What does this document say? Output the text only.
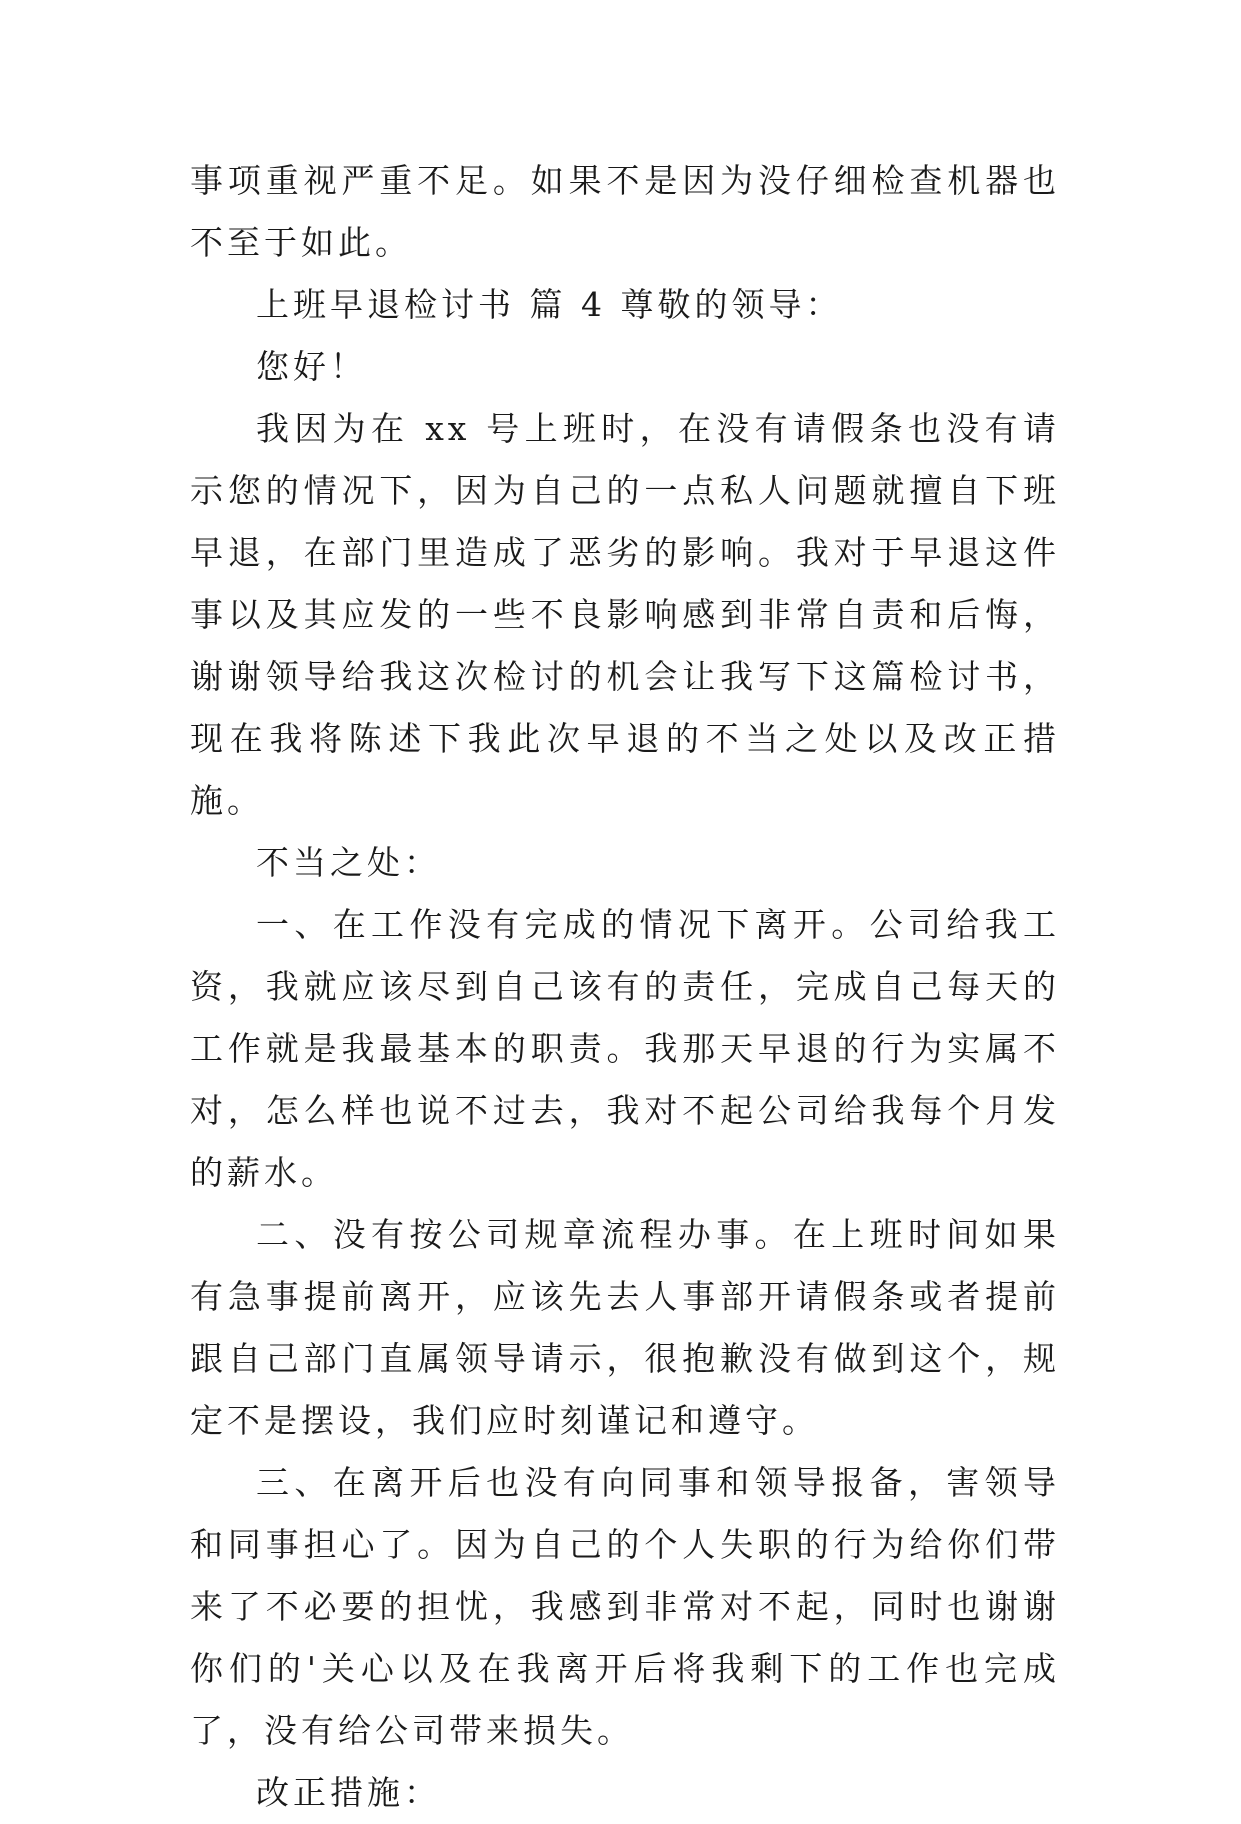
事项重视严重不足。如果不是因为没仔细检查机器也不至于如此。

上班早退检讨书 篇 4 尊敬的领导：

您好！

我因为在 xx 号上班时，在没有请假条也没有请示您的情况下，因为自己的一点私人问题就擅自下班早退，在部门里造成了恶劣的影响。我对于早退这件事以及其应发的一些不良影响感到非常自责和后悔，谢谢领导给我这次检讨的机会让我写下这篇检讨书，现在我将陈述下我此次早退的不当之处以及改正措施。

不当之处：

一、在工作没有完成的情况下离开。公司给我工资，我就应该尽到自己该有的责任，完成自己每天的工作就是我最基本的职责。我那天早退的行为实属不对，怎么样也说不过去，我对不起公司给我每个月发的薪水。

二、没有按公司规章流程办事。在上班时间如果有急事提前离开，应该先去人事部开请假条或者提前跟自己部门直属领导请示，很抱歉没有做到这个，规定不是摆设，我们应时刻谨记和遵守。

三、在离开后也没有向同事和领导报备，害领导和同事担心了。因为自己的个人失职的行为给你们带来了不必要的担忧，我感到非常对不起，同时也谢谢你们的'关心以及在我离开后将我剩下的工作也完成了，没有给公司带来损失。

改正措施：
